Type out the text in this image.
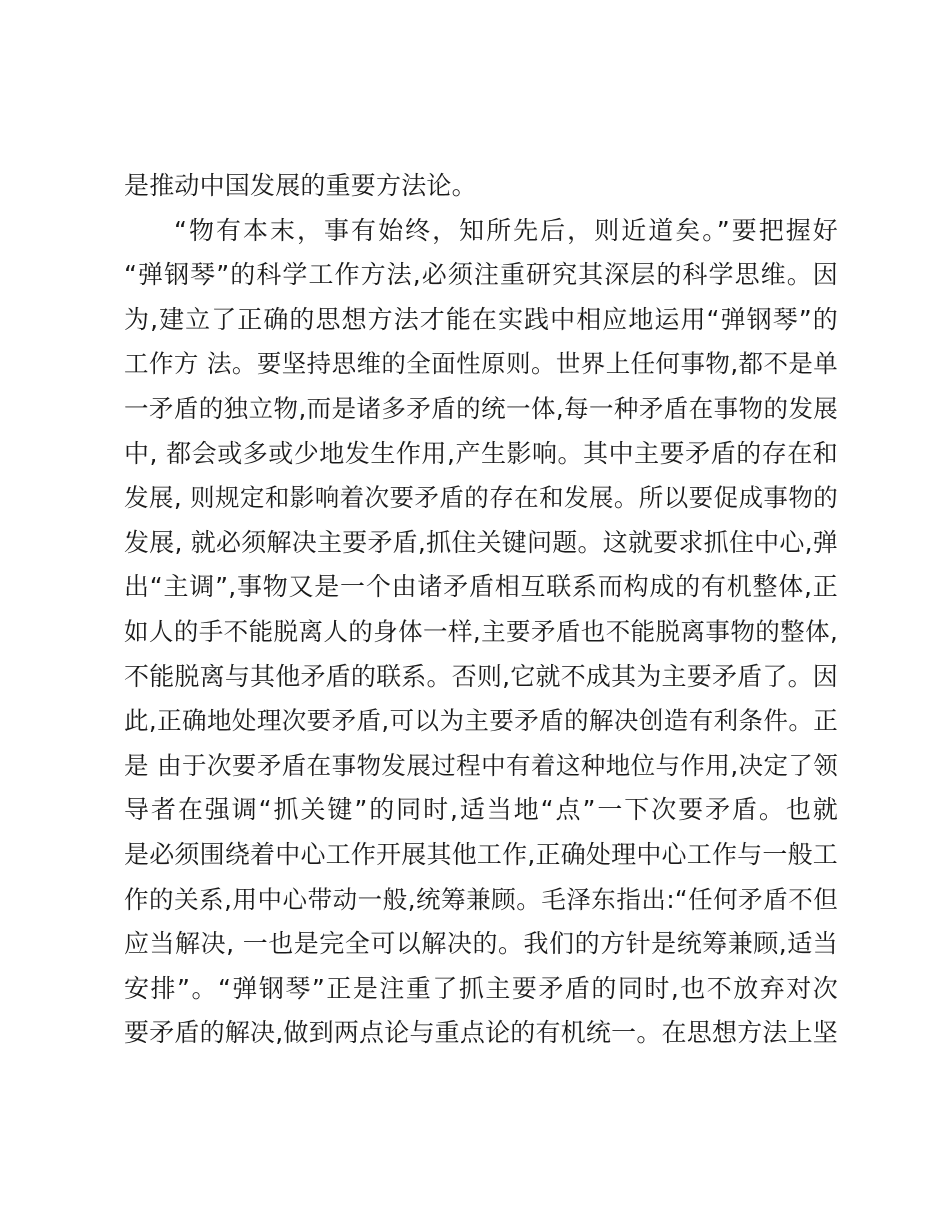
是推动中国发展的重要方法论。
“物有本末，事有始终，知所先后，则近道矣。”要把握好
“弹钢琴”的科学工作方法,必须注重研究其深层的科学思维。因
为,建立了正确的思想方法才能在实践中相应地运用“弹钢琴”的
工作方 法。要坚持思维的全面性原则。世界上任何事物,都不是单
一矛盾的独立物,而是诸多矛盾的统一体,每一种矛盾在事物的发展
中, 都会或多或少地发生作用,产生影响。其中主要矛盾的存在和
发展, 则规定和影响着次要矛盾的存在和发展。所以要促成事物的
发展, 就必须解决主要矛盾,抓住关键问题。这就要求抓住中心,弹
出“主调”,事物又是一个由诸矛盾相互联系而构成的有机整体,正
如人的手不能脱离人的身体一样,主要矛盾也不能脱离事物的整体,
不能脱离与其他矛盾的联系。否则,它就不成其为主要矛盾了。因
此,正确地处理次要矛盾,可以为主要矛盾的解决创造有利条件。正
是 由于次要矛盾在事物发展过程中有着这种地位与作用,决定了领
导者在强调“抓关键”的同时,适当地“点”一下次要矛盾。也就
是必须围绕着中心工作开展其他工作,正确处理中心工作与一般工
作的关系,用中心带动一般,统筹兼顾。毛泽东指出:“任何矛盾不但
应当解决, 一也是完全可以解决的。我们的方针是统筹兼顾,适当
安排”。“弹钢琴”正是注重了抓主要矛盾的同时,也不放弃对次
要矛盾的解决,做到两点论与重点论的有机统一。在思想方法上坚
